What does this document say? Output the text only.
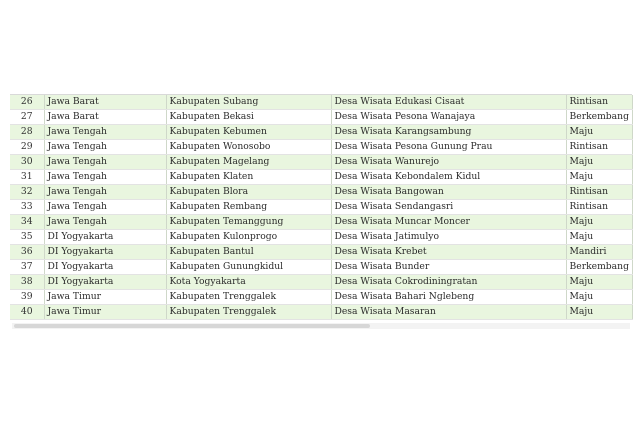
26	Jawa Barat	Kabupaten Subang	Desa Wisata Edukasi Cisaat	Rintisan
27	Jawa Barat	Kabupaten Bekasi	Desa Wisata Pesona Wanajaya	Berkembang
28	Jawa Tengah	Kabupaten Kebumen	Desa Wisata Karangsambung	Maju
29	Jawa Tengah	Kabupaten Wonosobo	Desa Wisata Pesona Gunung Prau	Rintisan
30	Jawa Tengah	Kabupaten Magelang	Desa Wisata Wanurejo	Maju
31	Jawa Tengah	Kabupaten Klaten	Desa Wisata Kebondalem Kidul	Maju
32	Jawa Tengah	Kabupaten Blora	Desa Wisata Bangowan	Rintisan
33	Jawa Tengah	Kabupaten Rembang	Desa Wisata Sendangasri	Rintisan
34	Jawa Tengah	Kabupaten Temanggung	Desa Wisata Muncar Moncer	Maju
35	DI Yogyakarta	Kabupaten Kulonprogo	Desa Wisata Jatimulyo	Maju
36	DI Yogyakarta	Kabupaten Bantul	Desa Wisata Krebet	Mandiri
37	DI Yogyakarta	Kabupaten Gunungkidul	Desa Wisata Bunder	Berkembang
38	DI Yogyakarta	Kota Yogyakarta	Desa Wisata Cokrodiningratan	Maju
39	Jawa Timur	Kabupaten Trenggalek	Desa Wisata Bahari Nglebeng	Maju
40	Jawa Timur	Kabupaten Trenggalek	Desa Wisata Masaran	Maju
